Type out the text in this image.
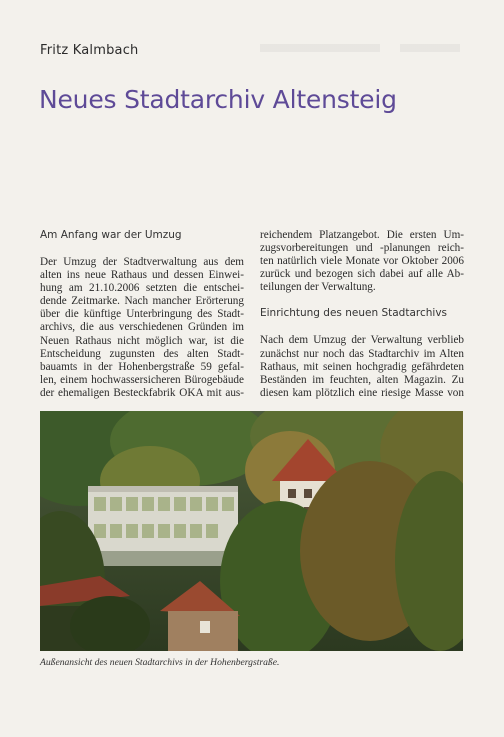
Fritz Kalmbach
Neues Stadtarchiv Altensteig
Am Anfang war der Umzug
Der Umzug der Stadtverwaltung aus dem
alten ins neue Rathaus und dessen Einwei-
hung am 21.10.2006 setzten die entschei-
dende Zeitmarke. Nach mancher Erörterung
über die künftige Unterbringung des Stadt-
archivs, die aus verschiedenen Gründen im
Neuen Rathaus nicht möglich war, ist die
Entscheidung zugunsten des alten Stadt-
bauamts in der Hohenbergstraße 59 gefal-
len, einem hochwassersicheren Bürogebäude
der ehemaligen Besteckfabrik OKA mit aus-
reichendem Platzangebot. Die ersten Um-
zugsvorbereitungen und -planungen reich-
ten natürlich viele Monate vor Oktober 2006
zurück und bezogen sich dabei auf alle Ab-
teilungen der Verwaltung.
Einrichtung des neuen Stadtarchivs
Nach dem Umzug der Verwaltung verblieb
zunächst nur noch das Stadtarchiv im Alten
Rathaus, mit seinen hochgradig gefährdeten
Beständen im feuchten, alten Magazin. Zu
diesen kam plötzlich eine riesige Masse von
Außenansicht des neuen Stadtarchivs in der Hohenbergstraße.
